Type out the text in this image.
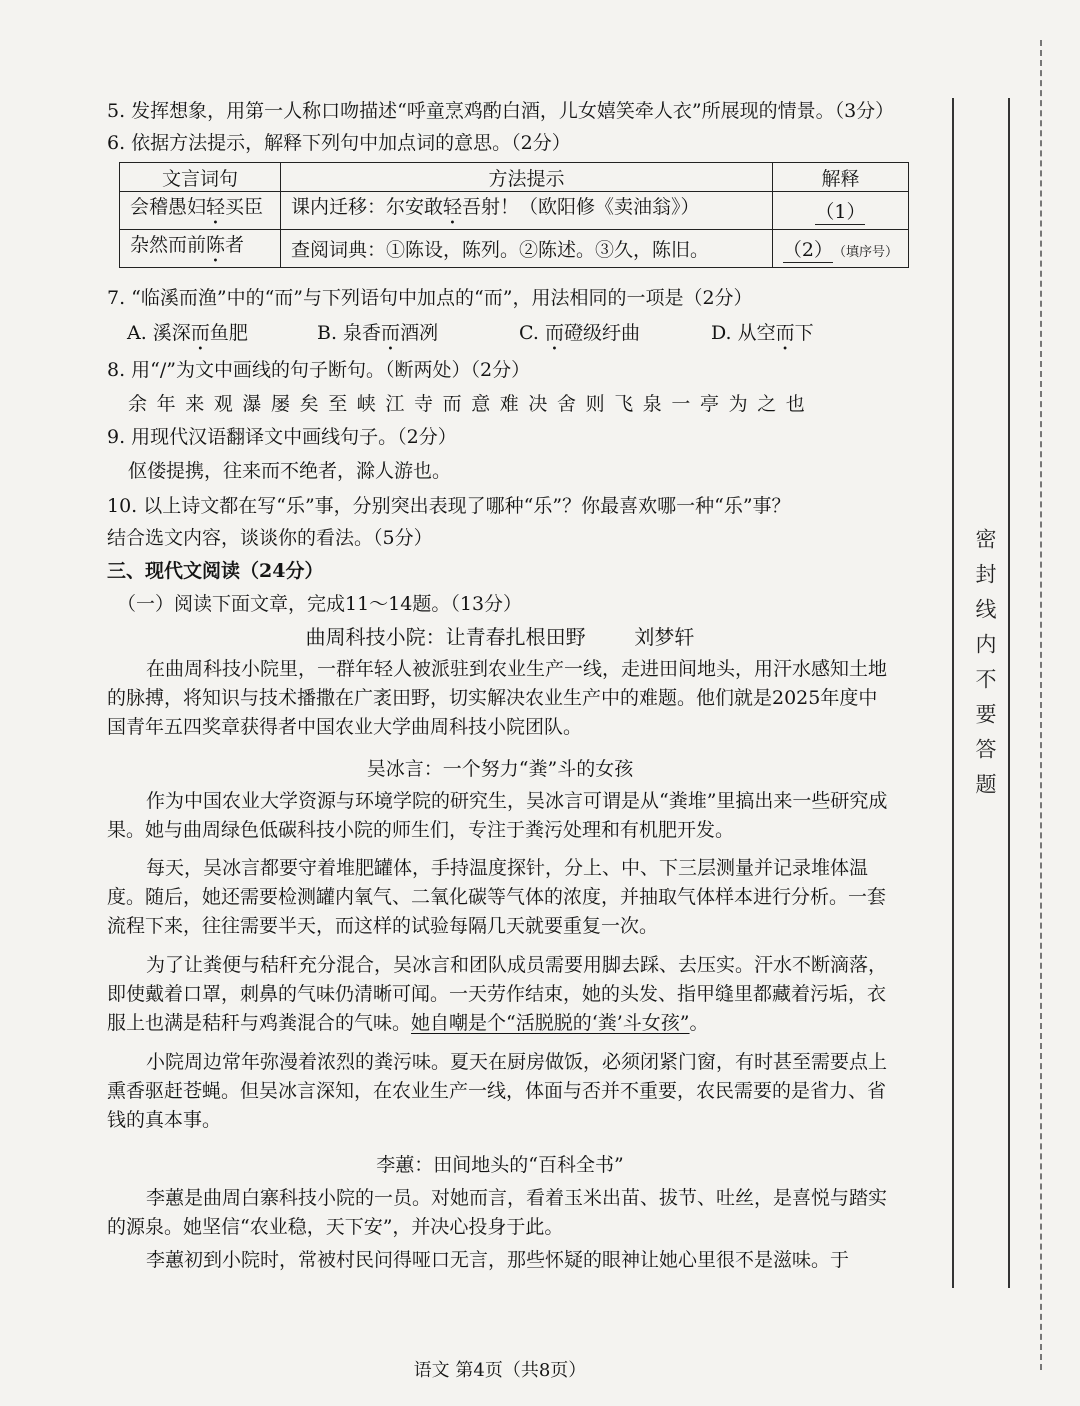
5. 发挥想象，用第一人称口吻描述“呼童烹鸡酌白酒，儿女嬉笑牵人衣”所展现的情景。（3分）
6. 依据方法提示，解释下列句中加点词的意思。（2分）
文言词句	方法提示	解释
会稽愚妇轻买臣	课内迁移：尔安敢轻吾射！（欧阳修《卖油翁》）	（1）
杂然而前陈者	查阅词典：①陈设，陈列。②陈述。③久，陈旧。	（2）（填序号）
7. “临溪而渔”中的“而”与下列语句中加点的“而”，用法相同的一项是（2分）
A. 溪深而鱼肥	B. 泉香而酒冽	C. 而磴级纡曲	D. 从空而下
8. 用“/”为文中画线的句子断句。（断两处）（2分）
余年来观瀑屡矣至峡江寺而意难决舍则飞泉一亭为之也
9. 用现代汉语翻译文中画线句子。（2分）
伛偻提携，往来而不绝者，滁人游也。
10. 以上诗文都在写“乐”事，分别突出表现了哪种“乐”？你最喜欢哪一种“乐”事？
结合选文内容，谈谈你的看法。（5分）
三、现代文阅读（24分）
（一）阅读下面文章，完成11～14题。（13分）
曲周科技小院：让青春扎根田野 刘梦轩
在曲周科技小院里，一群年轻人被派驻到农业生产一线，走进田间地头，用汗水感知土地的脉搏，将知识与技术播撒在广袤田野，切实解决农业生产中的难题。他们就是2025年度中国青年五四奖章获得者中国农业大学曲周科技小院团队。
吴冰言：一个努力“粪”斗的女孩
作为中国农业大学资源与环境学院的研究生，吴冰言可谓是从“粪堆”里搞出来一些研究成果。她与曲周绿色低碳科技小院的师生们，专注于粪污处理和有机肥开发。
每天，吴冰言都要守着堆肥罐体，手持温度探针，分上、中、下三层测量并记录堆体温度。随后，她还需要检测罐内氧气、二氧化碳等气体的浓度，并抽取气体样本进行分析。一套流程下来，往往需要半天，而这样的试验每隔几天就要重复一次。
为了让粪便与秸秆充分混合，吴冰言和团队成员需要用脚去踩、去压实。汗水不断滴落，即使戴着口罩，刺鼻的气味仍清晰可闻。一天劳作结束，她的头发、指甲缝里都藏着污垢，衣服上也满是秸秆与鸡粪混合的气味。她自嘲是个“活脱脱的‘粪’斗女孩”。
小院周边常年弥漫着浓烈的粪污味。夏天在厨房做饭，必须闭紧门窗，有时甚至需要点上熏香驱赶苍蝇。但吴冰言深知，在农业生产一线，体面与否并不重要，农民需要的是省力、省钱的真本事。
李蕙：田间地头的“百科全书”
李蕙是曲周白寨科技小院的一员。对她而言，看着玉米出苗、拔节、吐丝，是喜悦与踏实的源泉。她坚信“农业稳，天下安”，并决心投身于此。
李蕙初到小院时，常被村民问得哑口无言，那些怀疑的眼神让她心里很不是滋味。于
密封线内不要答题
语文 第4页（共8页）
